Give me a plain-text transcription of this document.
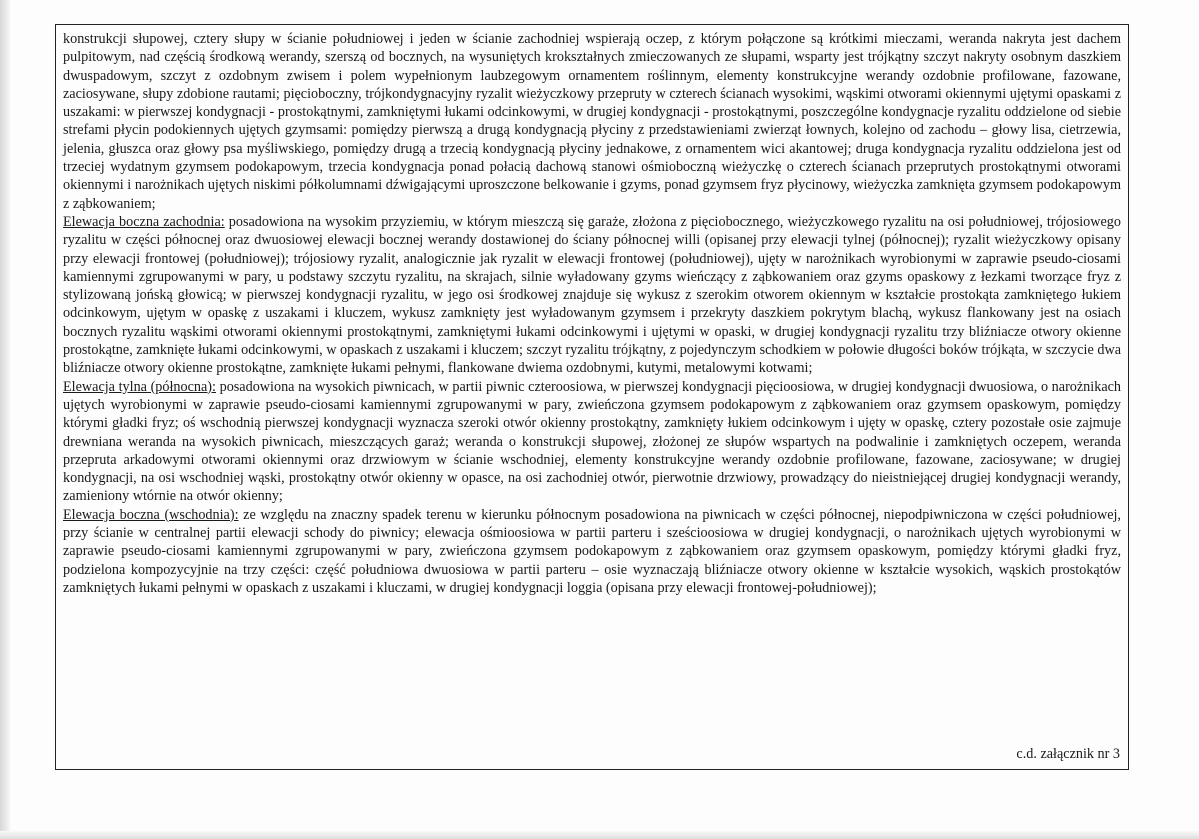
konstrukcji słupowej, cztery słupy w ścianie południowej i jeden w ścianie zachodniej wspierają oczep, z którym połączone są krótkimi mieczami, weranda nakryta jest dachem pulpitowym, nad częścią środkową werandy, szerszą od bocznych, na wysuniętych krokształnych zmieczowanych ze słupami, wsparty jest trójkątny szczyt nakryty osobnym daszkiem dwuspadowym, szczyt z ozdobnym zwisem i polem wypełnionym laubzegowym ornamentem roślinnym, elementy konstrukcyjne werandy ozdobnie profilowane, fazowane, zaciosywane, słupy zdobione rautami; pięcioboczny, trójkondygnacyjny ryzalit wieżyczkowy przepruty w czterech ścianach wysokimi, wąskimi otworami okiennymi ujętymi opaskami z uszakami: w pierwszej kondygnacji - prostokątnymi, zamkniętymi łukami odcinkowymi, w drugiej kondygnacji - prostokątnymi, poszczególne kondygnacje ryzalitu oddzielone od siebie strefami płycin podokiennych ujętych gzymsami: pomiędzy pierwszą a drugą kondygnacją płyciny z przedstawieniami zwierząt łownych, kolejno od zachodu – głowy lisa, cietrzewia, jelenia, głuszca oraz głowy psa myśliwskiego, pomiędzy drugą a trzecią kondygnacją płyciny jednakowe, z ornamentem wici akantowej; druga kondygnacja ryzalitu oddzielona jest od trzeciej wydatnym gzymsem podokapowym, trzecia kondygnacja ponad połacią dachową stanowi ośmioboczną wieżyczkę o czterech ścianach przeprutych prostokątnymi otworami okiennymi i narożnikach ujętych niskimi półkolumnami dźwigającymi uproszczone belkowanie i gzyms, ponad gzymsem fryz płycinowy, wieżyczka zamknięta gzymsem podokapowym z ząbkowaniem;

Elewacja boczna zachodnia: posadowiona na wysokim przyziemiu, w którym mieszczą się garaże, złożona z pięciobocznego, wieżyczkowego ryzalitu na osi południowej, trójosiowego ryzalitu w części północnej oraz dwuosiowej elewacji bocznej werandy dostawionej do ściany północnej willi (opisanej przy elewacji tylnej (północnej); ryzalit wieżyczkowy opisany przy elewacji frontowej (południowej); trójosiowy ryzalit, analogicznie jak ryzalit w elewacji frontowej (południowej), ujęty w narożnikach wyrobionymi w zaprawie pseudo-ciosami kamiennymi zgrupowanymi w pary, u podstawy szczytu ryzalitu, na skrajach, silnie wyładowany gzyms wieńczący z ząbkowaniem oraz gzyms opaskowy z łezkami tworzące fryz z stylizowaną jońską głowicą; w pierwszej kondygnacji ryzalitu, w jego osi środkowej znajduje się wykusz z szerokim otworem okiennym w kształcie prostokąta zamkniętego łukiem odcinkowym, ujętym w opaskę z uszakami i kluczem, wykusz zamknięty jest wyładowanym gzymsem i przekryty daszkiem pokrytym blachą, wykusz flankowany jest na osiach bocznych ryzalitu wąskimi otworami okiennymi prostokątnymi, zamkniętymi łukami odcinkowymi i ujętymi w opaski, w drugiej kondygnacji ryzalitu trzy bliźniacze otwory okienne prostokątne, zamknięte łukami odcinkowymi, w opaskach z uszakami i kluczem; szczyt ryzalitu trójkątny, z pojedynczym schodkiem w połowie długości boków trójkąta, w szczycie dwa bliźniacze otwory okienne prostokątne, zamknięte łukami pełnymi, flankowane dwiema ozdobnymi, kutymi, metalowymi kotwami;

Elewacja tylna (północna): posadowiona na wysokich piwnicach, w partii piwnic czteroosiowa, w pierwszej kondygnacji pięcioosiowa, w drugiej kondygnacji dwuosiowa, o narożnikach ujętych wyrobionymi w zaprawie pseudo-ciosami kamiennymi zgrupowanymi w pary, zwieńczona gzymsem podokapowym z ząbkowaniem oraz gzymsem opaskowym, pomiędzy którymi gładki fryz; oś wschodnią pierwszej kondygnacji wyznacza szeroki otwór okienny prostokątny, zamknięty łukiem odcinkowym i ujęty w opaskę, cztery pozostałe osie zajmuje drewniana weranda na wysokich piwnicach, mieszczących garaż; weranda o konstrukcji słupowej, złożonej ze słupów wspartych na podwalinie i zamkniętych oczepem, weranda przepruta arkadowymi otworami okiennymi oraz drzwiowym w ścianie wschodniej, elementy konstrukcyjne werandy ozdobnie profilowane, fazowane, zaciosywane; w drugiej kondygnacji, na osi wschodniej wąski, prostokątny otwór okienny w opasce, na osi zachodniej otwór, pierwotnie drzwiowy, prowadzący do nieistniejącej drugiej kondygnacji werandy, zamieniony wtórnie na otwór okienny;

Elewacja boczna (wschodnia): ze względu na znaczny spadek terenu w kierunku północnym posadowiona na piwnicach w części północnej, niepodpiwniczona w części południowej, przy ścianie w centralnej partii elewacji schody do piwnicy; elewacja ośmioosiowa w partii parteru i sześcioosiowa w drugiej kondygnacji, o narożnikach ujętych wyrobionymi w zaprawie pseudo-ciosami kamiennymi zgrupowanymi w pary, zwieńczona gzymsem podokapowym z ząbkowaniem oraz gzymsem opaskowym, pomiędzy którymi gładki fryz, podzielona kompozycyjnie na trzy części: część południowa dwuosiowa w partii parteru – osie wyznaczają bliźniacze otwory okienne w kształcie wysokich, wąskich prostokątów zamkniętych łukami pełnymi w opaskach z uszakami i kluczami, w drugiej kondygnacji loggia (opisana przy elewacji frontowej-południowej);

c.d. załącznik nr 3
